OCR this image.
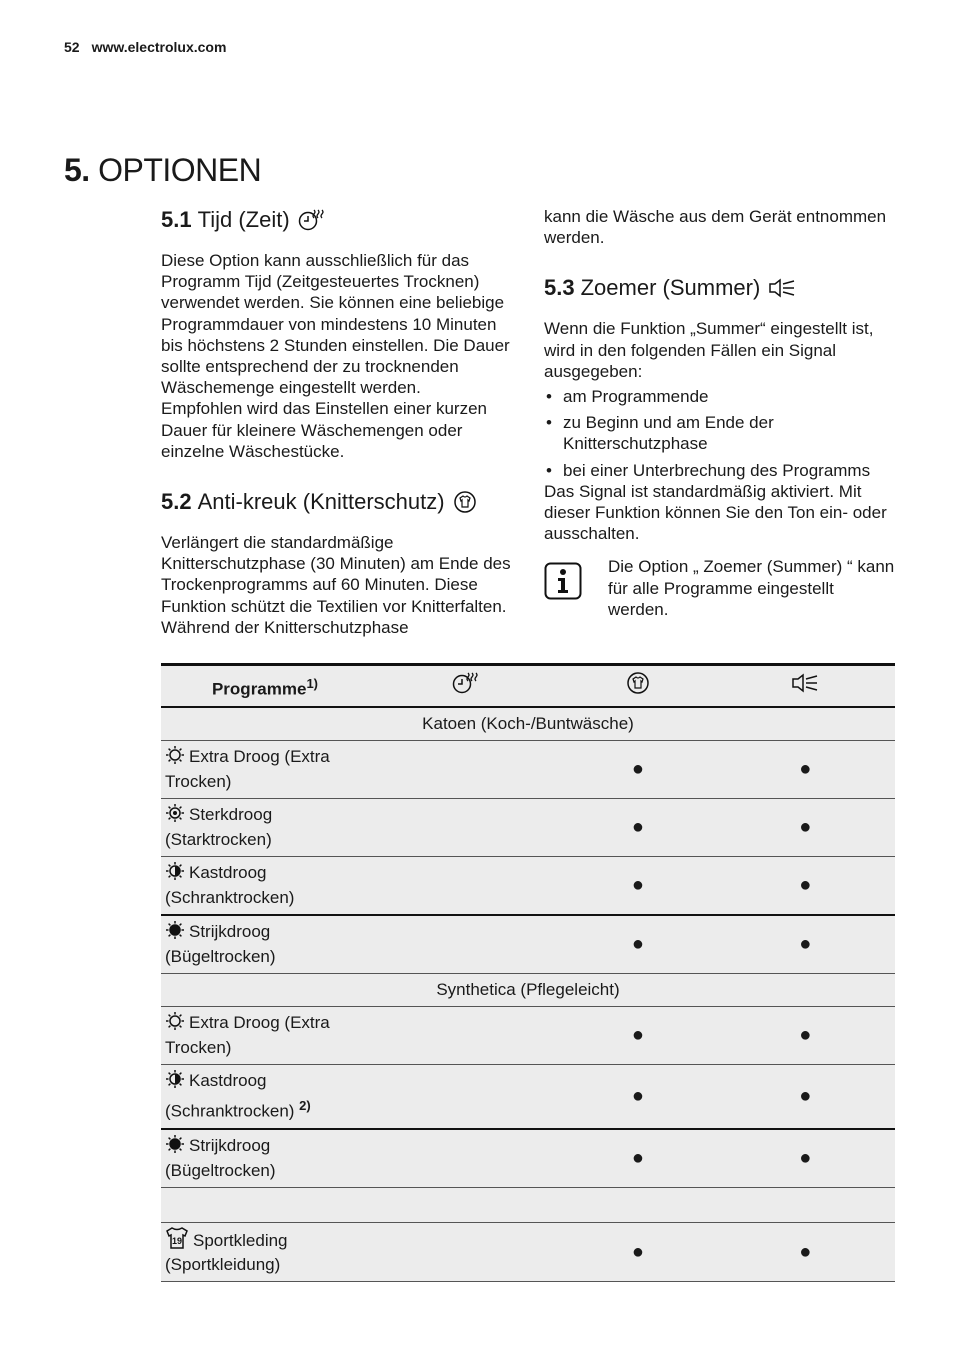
52 www.electrolux.com
5. OPTIONEN
5.1 Tijd (Zeit)

Diese Option kann ausschließlich für das Programm Tijd (Zeitgesteuertes Trocknen) verwendet werden. Sie können eine beliebige Programmdauer von mindestens 10 Minuten bis höchstens 2 Stunden einstellen. Die Dauer sollte entsprechend der zu trocknenden Wäschemenge eingestellt werden.

Empfohlen wird das Einstellen einer kurzen Dauer für kleinere Wäschemengen oder einzelne Wäschestücke.

5.2 Anti-kreuk (Knitterschutz)

Verlängert die standardmäßige Knitterschutzphase (30 Minuten) am Ende des Trockenprogramms auf 60 Minuten. Diese Funktion schützt die Textilien vor Knitterfalten. Während der Knitterschutzphase

kann die Wäsche aus dem Gerät entnommen werden.

5.3 Zoemer (Summer)

Wenn die Funktion „Summer“ eingestellt ist, wird in den folgenden Fällen ein Signal ausgegeben:

• am Programmende
• zu Beginn und am Ende der Knitterschutzphase
• bei einer Unterbrechung des Programms

Das Signal ist standardmäßig aktiviert. Mit dieser Funktion können Sie den Ton ein- oder ausschalten.

Die Option „ Zoemer (Summer) “ kann für alle Programme eingestellt werden.

Programme$^{1)}$			
Katoen (Koch-/Buntwäsche)			
Extra Droog (Extra Trocken)		●	●
Sterkdroog (Starktrocken)		●	●
Kastdroog (Schranktrocken)		●	●
Strijkdroog (Bügeltrocken)		●	●
Synthetica (Pflegeleicht)			
Extra Droog (Extra Trocken)		●	●
Kastdroog (Schranktrocken) $^{2)}$		●	●
Strijkdroog (Bügeltrocken)		●	●

19 Sportkleding (Sportkleidung)		●	●
